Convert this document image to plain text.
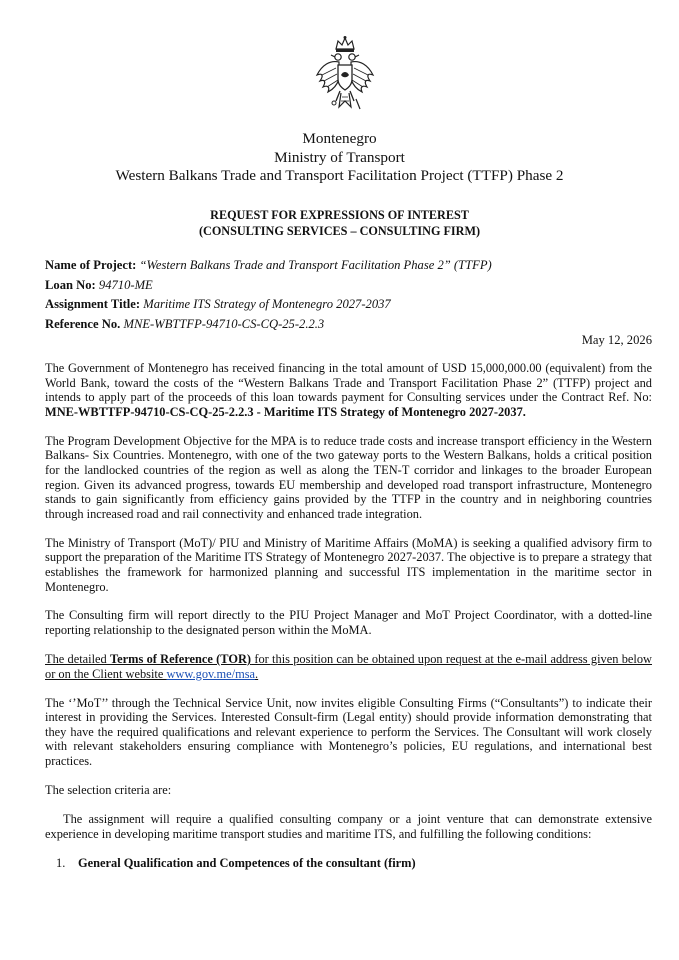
Montenegro
Ministry of Transport
Western Balkans Trade and Transport Facilitation Project (TTFP) Phase 2
REQUEST FOR EXPRESSIONS OF INTEREST
(CONSULTING SERVICES – CONSULTING FIRM)
Name of Project: “Western Balkans Trade and Transport Facilitation Phase 2” (TTFP)
Loan No: 94710-ME
Assignment Title: Maritime ITS Strategy of Montenegro 2027-2037
Reference No. MNE-WBTTFP-94710-CS-CQ-25-2.2.3
May 12, 2026

The Government of Montenegro has received financing in the total amount of USD 15,000,000.00 (equivalent) from the World Bank, toward the costs of the “Western Balkans Trade and Transport Facilitation Phase 2” (TTFP) project and intends to apply part of the proceeds of this loan towards payment for Consulting services under the Contract Ref. No: MNE-WBTTFP-94710-CS-CQ-25-2.2.3 - Maritime ITS Strategy of Montenegro 2027-2037.

The Program Development Objective for the MPA is to reduce trade costs and increase transport efficiency in the Western Balkans- Six Countries. Montenegro, with one of the two gateway ports to the Western Balkans, holds a critical position for the landlocked countries of the region as well as along the TEN-T corridor and linkages to the broader European region. Given its advanced progress, towards EU membership and developed road transport infrastructure, Montenegro stands to gain significantly from efficiency gains provided by the TTFP in the country and in neighboring countries through increased road and rail connectivity and enhanced trade integration.

The Ministry of Transport (MoT)/ PIU and Ministry of Maritime Affairs (MoMA) is seeking a qualified advisory firm to support the preparation of the Maritime ITS Strategy of Montenegro 2027-2037. The objective is to prepare a strategy that establishes the framework for harmonized planning and successful ITS implementation in the maritime sector in Montenegro.

The Consulting firm will report directly to the PIU Project Manager and MoT Project Coordinator, with a dotted-line reporting relationship to the designated person within the MoMA.

The detailed Terms of Reference (TOR) for this position can be obtained upon request at the e-mail address given below or on the Client website www.gov.me/msa.

The ‘’MoT’’ through the Technical Service Unit, now invites eligible Consulting Firms (“Consultants”) to indicate their interest in providing the Services. Interested Consult-firm (Legal entity) should provide information demonstrating that they have the required qualifications and relevant experience to perform the Services. The Consultant will work closely with relevant stakeholders ensuring compliance with Montenegro’s policies, EU regulations, and international best practices.

The selection criteria are:

The assignment will require a qualified consulting company or a joint venture that can demonstrate extensive experience in developing maritime transport studies and maritime ITS, and fulfilling the following conditions:

1.	General Qualification and Competences of the consultant (firm)
